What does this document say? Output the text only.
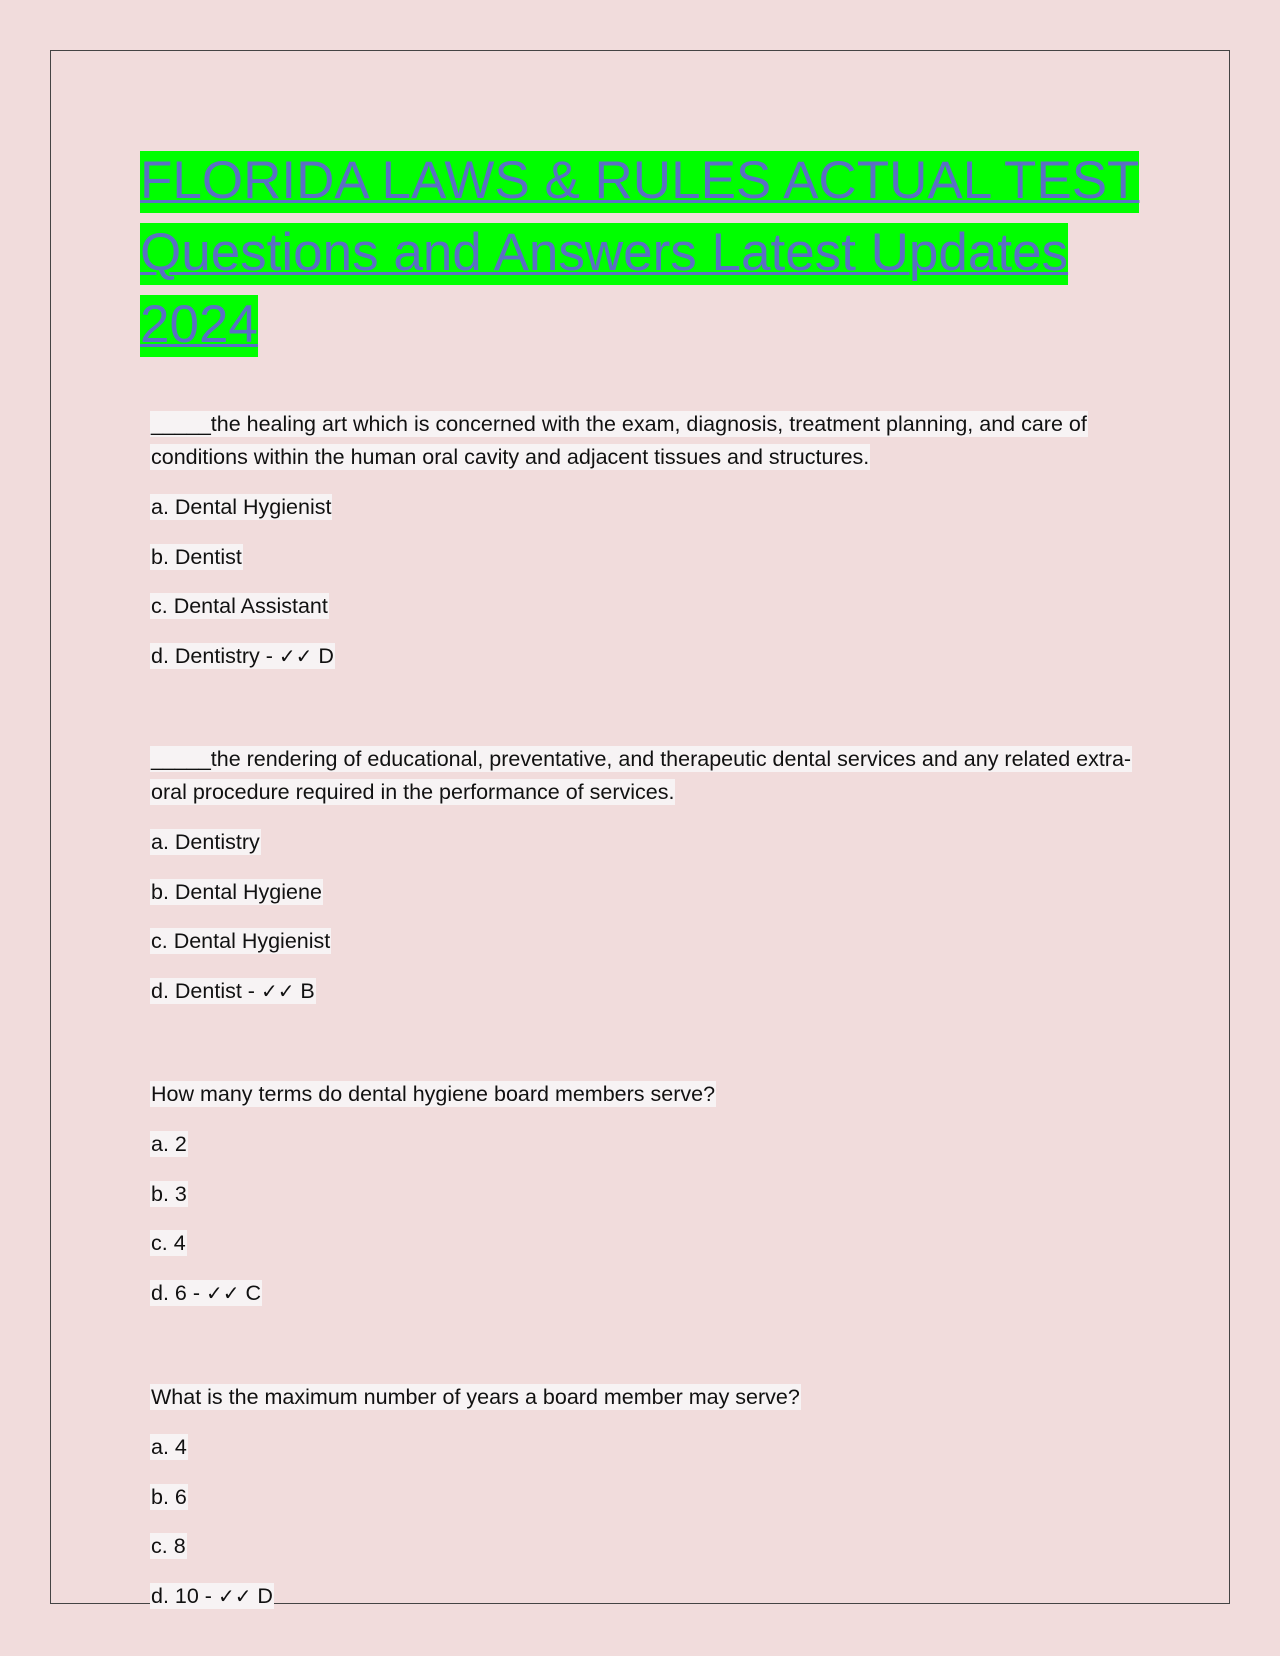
FLORIDA LAWS & RULES ACTUAL TEST Questions and Answers Latest Updates 2024

_____the healing art which is concerned with the exam, diagnosis, treatment planning, and care of conditions within the human oral cavity and adjacent tissues and structures.

a. Dental Hygienist

b. Dentist

c. Dental Assistant

d. Dentistry - ✓✓ D

_____the rendering of educational, preventative, and therapeutic dental services and any related extra-oral procedure required in the performance of services.

a. Dentistry

b. Dental Hygiene

c. Dental Hygienist

d. Dentist - ✓✓ B

How many terms do dental hygiene board members serve?

a. 2

b. 3

c. 4

d. 6 - ✓✓ C

What is the maximum number of years a board member may serve?

a. 4

b. 6

c. 8

d. 10 - ✓✓ D
